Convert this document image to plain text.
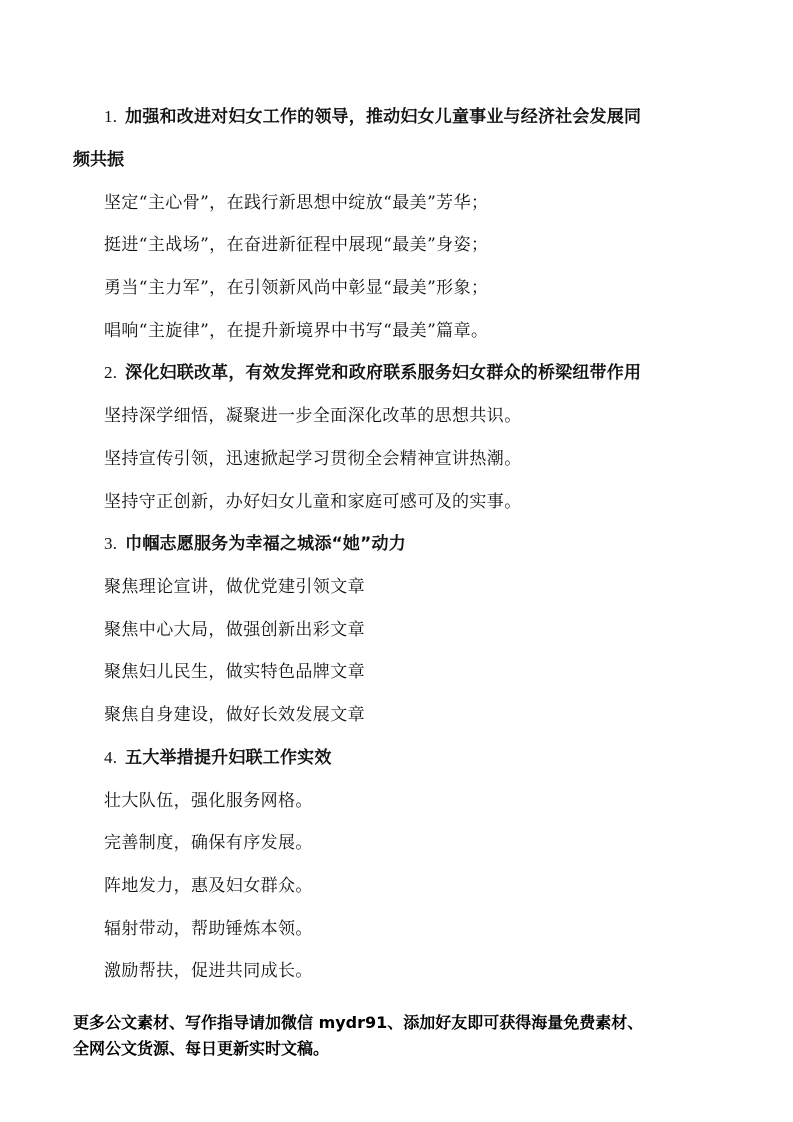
1. 加强和改进对妇女工作的领导，推动妇女儿童事业与经济社会发展同
频共振
坚定“主心骨”，在践行新思想中绽放“最美”芳华；
挺进“主战场”，在奋进新征程中展现“最美”身姿；
勇当“主力军”，在引领新风尚中彰显“最美”形象；
唱响“主旋律”，在提升新境界中书写“最美”篇章。
2. 深化妇联改革，有效发挥党和政府联系服务妇女群众的桥梁纽带作用
坚持深学细悟，凝聚进一步全面深化改革的思想共识。
坚持宣传引领，迅速掀起学习贯彻全会精神宣讲热潮。
坚持守正创新，办好妇女儿童和家庭可感可及的实事。
3. 巾帼志愿服务为幸福之城添“她”动力
聚焦理论宣讲，做优党建引领文章
聚焦中心大局，做强创新出彩文章
聚焦妇儿民生，做实特色品牌文章
聚焦自身建设，做好长效发展文章
4. 五大举措提升妇联工作实效
壮大队伍，强化服务网格。
完善制度，确保有序发展。
阵地发力，惠及妇女群众。
辐射带动，帮助锤炼本领。
激励帮扶，促进共同成长。
更多公文素材、写作指导请加微信 mydr91、添加好友即可获得海量免费素材、
全网公文货源、每日更新实时文稿。
